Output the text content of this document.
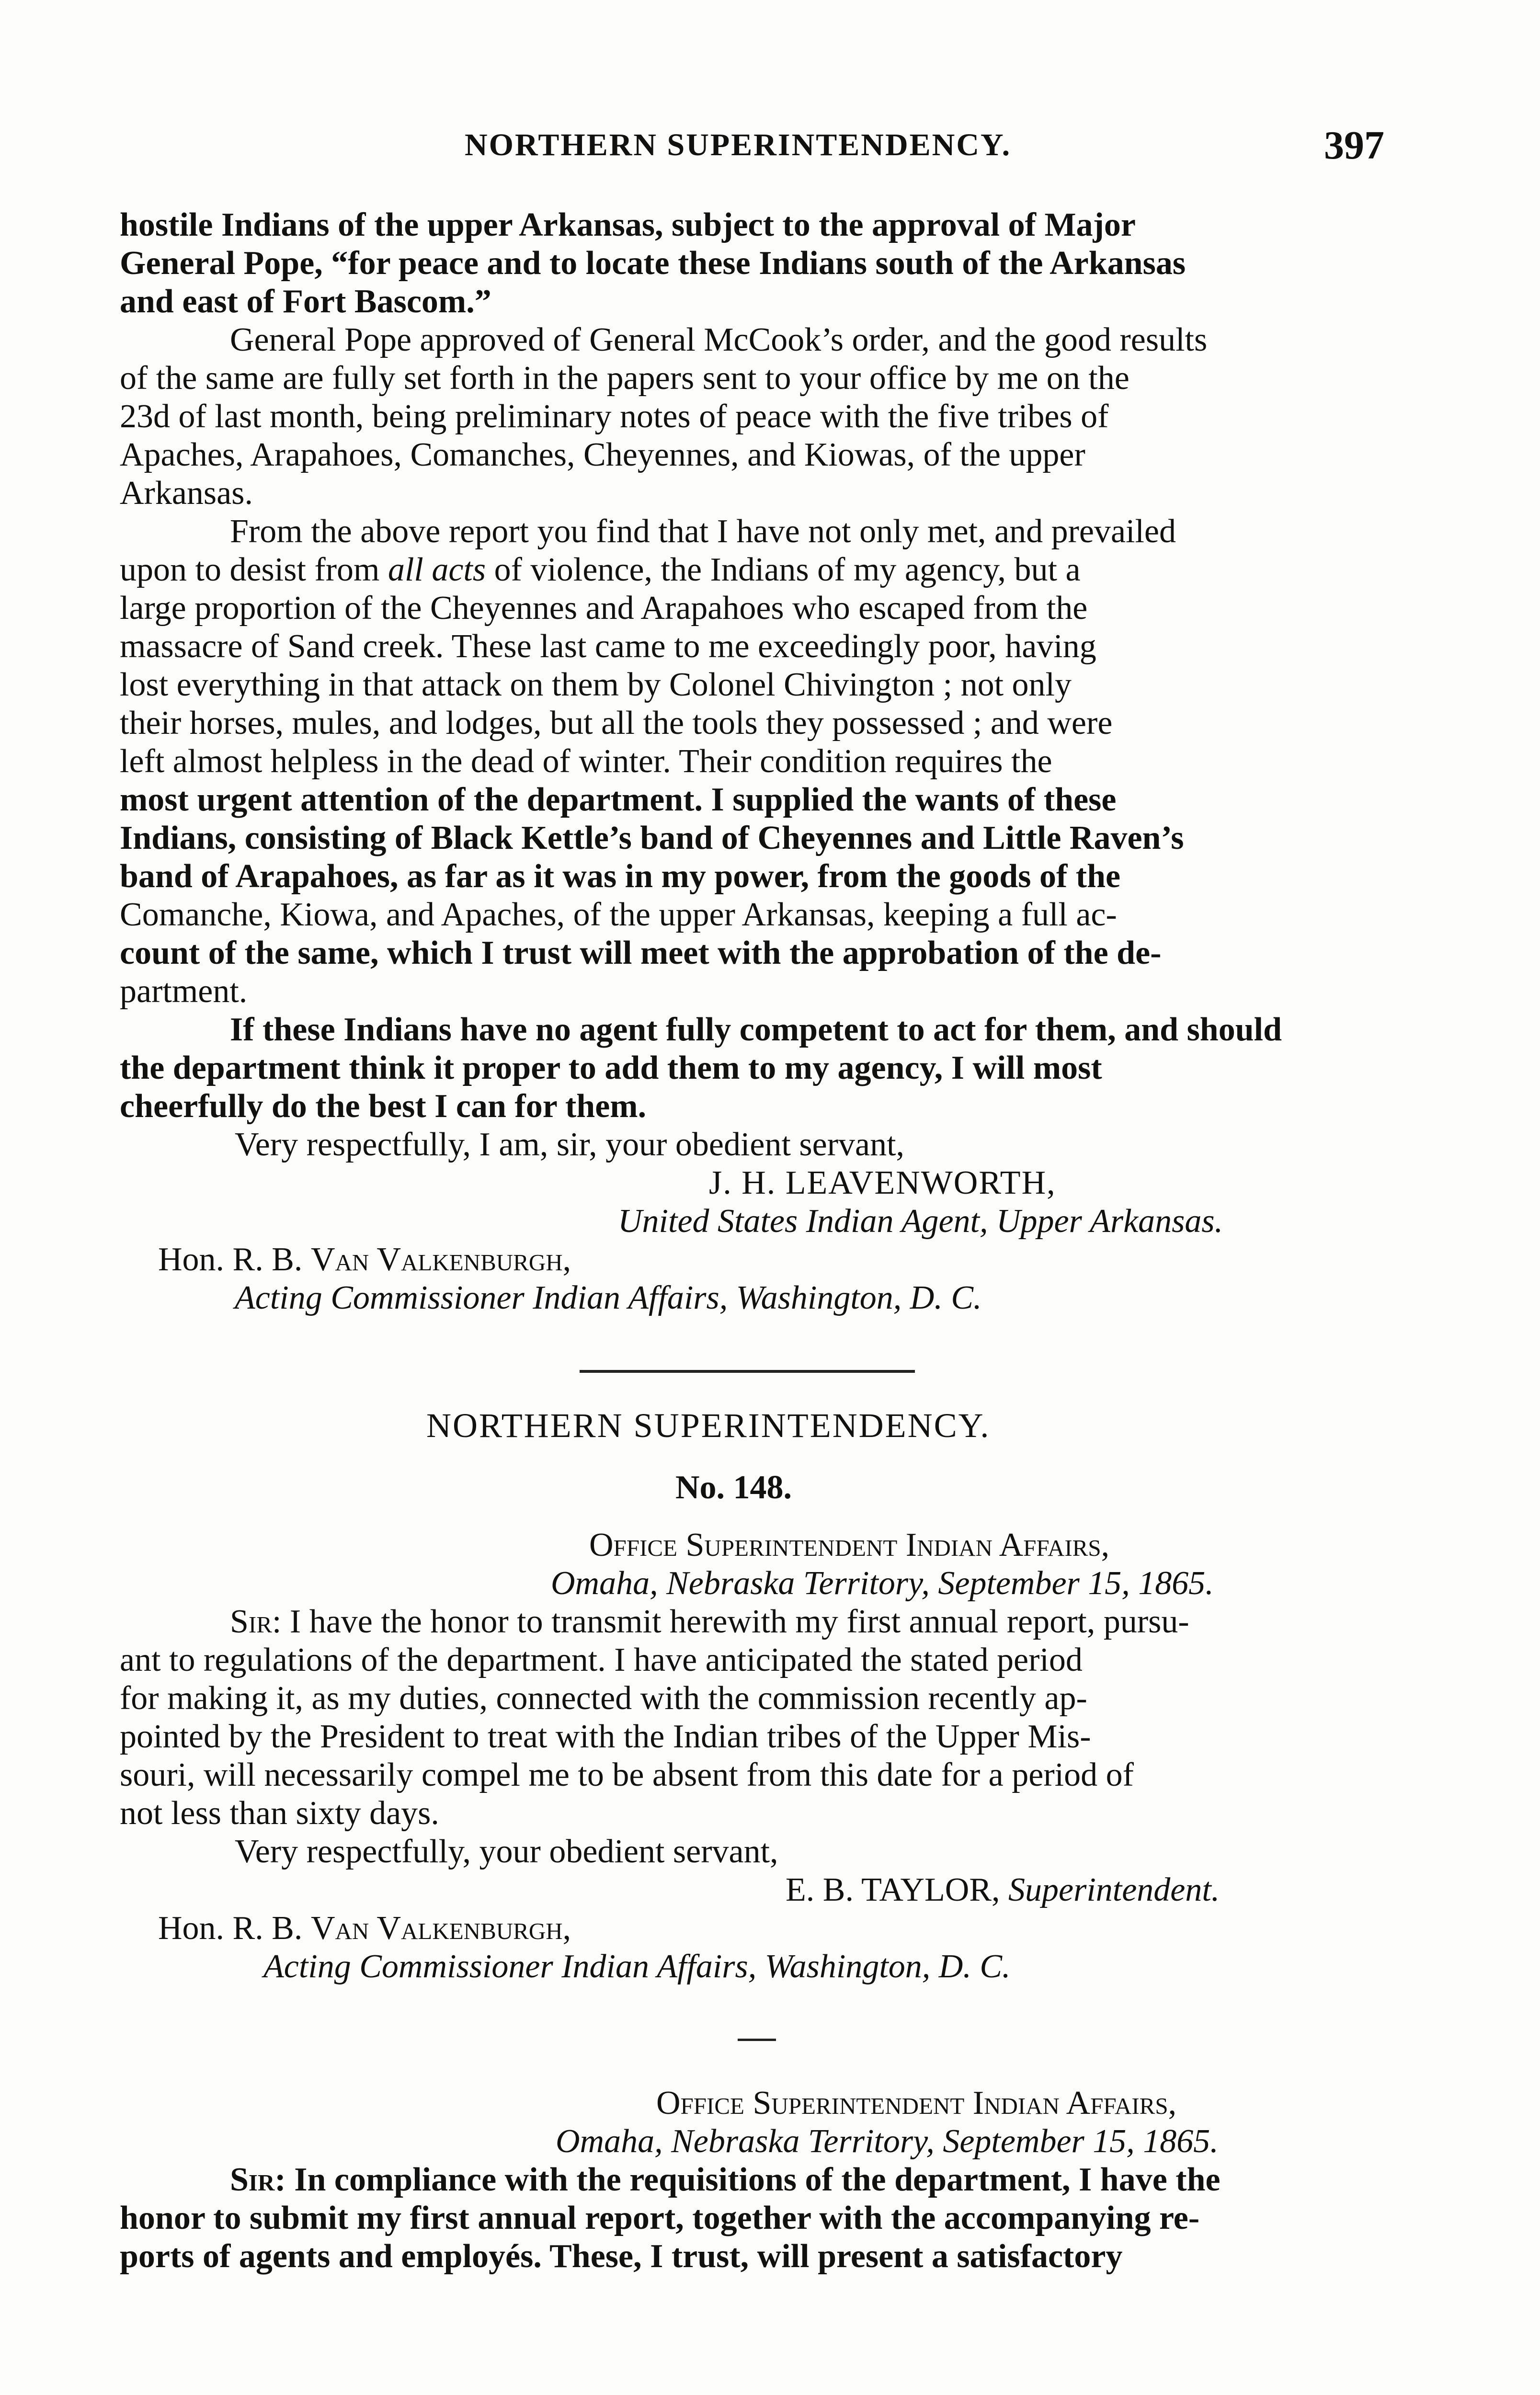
NORTHERN SUPERINTENDENCY.	397

hostile Indians of the upper Arkansas, subject to the approval of Major
General Pope, “for peace and to locate these Indians south of the Arkansas
and east of Fort Bascom.”

General Pope approved of General McCook’s order, and the good results
of the same are fully set forth in the papers sent to your office by me on the
23d of last month, being preliminary notes of peace with the five tribes of
Apaches, Arapahoes, Comanches, Cheyennes, and Kiowas, of the upper
Arkansas.

From the above report you find that I have not only met, and prevailed
upon to desist from all acts of violence, the Indians of my agency, but a
large proportion of the Cheyennes and Arapahoes who escaped from the
massacre of Sand creek. These last came to me exceedingly poor, having
lost everything in that attack on them by Colonel Chivington ; not only
their horses, mules, and lodges, but all the tools they possessed ; and were
left almost helpless in the dead of winter. Their condition requires the
most urgent attention of the department. I supplied the wants of these
Indians, consisting of Black Kettle’s band of Cheyennes and Little Raven’s
band of Arapahoes, as far as it was in my power, from the goods of the
Comanche, Kiowa, and Apaches, of the upper Arkansas, keeping a full ac-
count of the same, which I trust will meet with the approbation of the de-
partment.

If these Indians have no agent fully competent to act for them, and should
the department think it proper to add them to my agency, I will most
cheerfully do the best I can for them.

Very respectfully, I am, sir, your obedient servant,

J. H. LEAVENWORTH,

United States Indian Agent, Upper Arkansas.

Hon. R. B. Van Valkenburgh,

Acting Commissioner Indian Affairs, Washington, D. C.

NORTHERN SUPERINTENDENCY.

No. 148.

Office Superintendent Indian Affairs,

Omaha, Nebraska Territory, September 15, 1865.

Sir: I have the honor to transmit herewith my first annual report, pursu-
ant to regulations of the department. I have anticipated the stated period
for making it, as my duties, connected with the commission recently ap-
pointed by the President to treat with the Indian tribes of the Upper Mis-
souri, will necessarily compel me to be absent from this date for a period of
not less than sixty days.

Very respectfully, your obedient servant,

E. B. TAYLOR, Superintendent.

Hon. R. B. Van Valkenburgh,

Acting Commissioner Indian Affairs, Washington, D. C.

Office Superintendent Indian Affairs,

Omaha, Nebraska Territory, September 15, 1865.

Sir: In compliance with the requisitions of the department, I have the
honor to submit my first annual report, together with the accompanying re-
ports of agents and employés. These, I trust, will present a satisfactory
